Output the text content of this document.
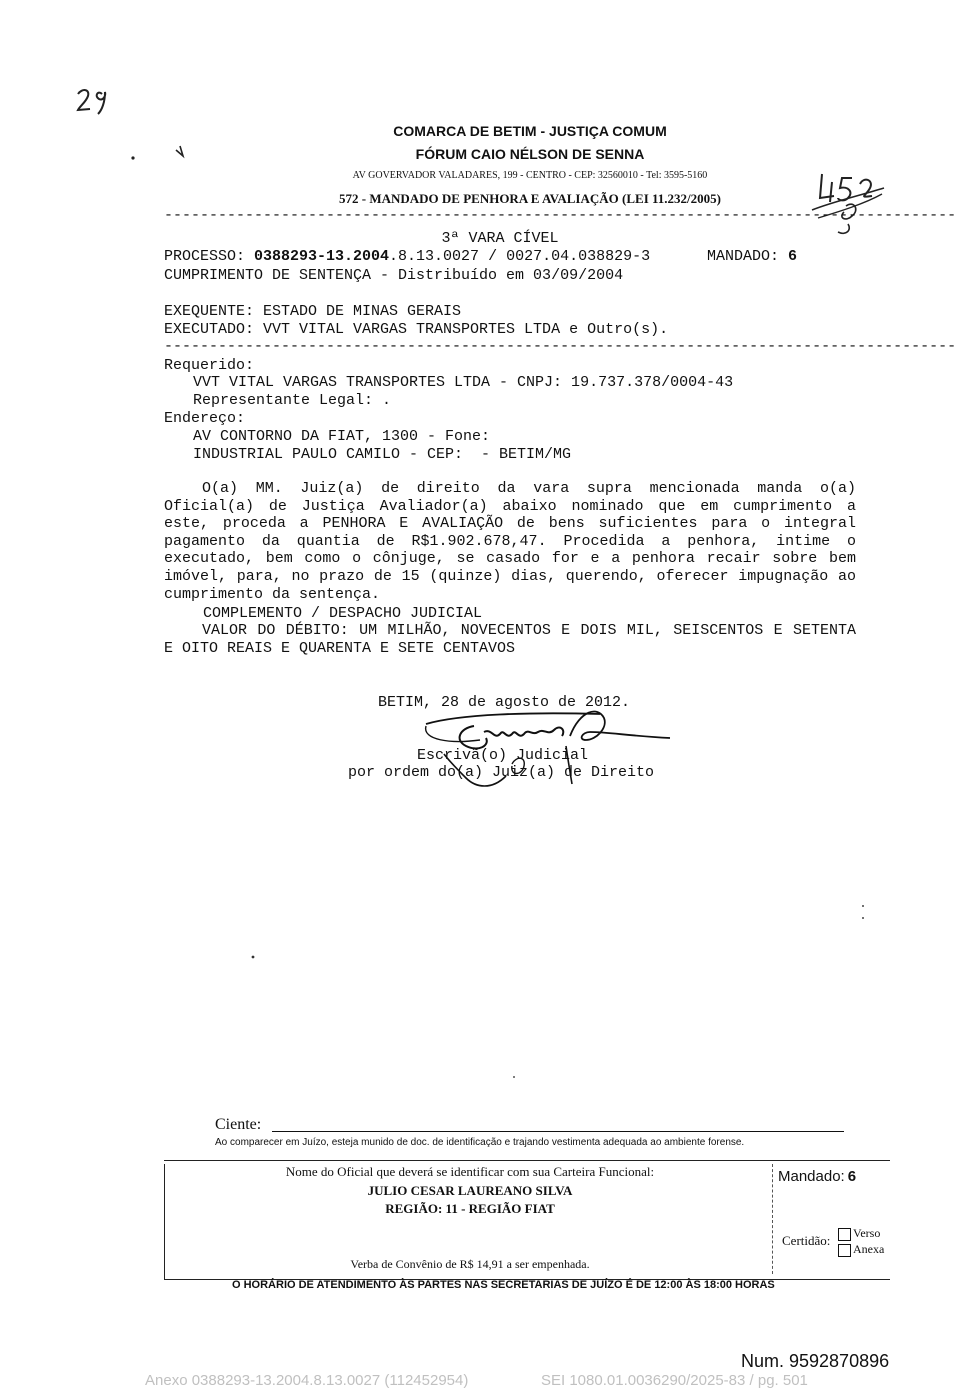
COMARCA DE BETIM - JUSTIÇA COMUM
FÓRUM CAIO NÉLSON DE SENNA
AV GOVERVADOR VALADARES, 199 - CENTRO - CEP: 32560010 - Tel: 3595-5160
572 - MANDADO DE PENHORA E AVALIAÇÃO (LEI 11.232/2005)
----------------------------------------------------------------------------------------
3ª VARA CÍVEL
PROCESSO: 0388293-13.2004.8.13.0027 / 0027.04.038829-3	MANDADO: 6
CUMPRIMENTO DE SENTENÇA - Distribuído em 03/09/2004
EXEQUENTE: ESTADO DE MINAS GERAIS
EXECUTADO: VVT VITAL VARGAS TRANSPORTES LTDA e Outro(s).
----------------------------------------------------------------------------------------
Requerido:
VVT VITAL VARGAS TRANSPORTES LTDA - CNPJ: 19.737.378/0004-43
Representante Legal: .
Endereço:
AV CONTORNO DA FIAT, 1300 - Fone:
INDUSTRIAL PAULO CAMILO - CEP:  - BETIM/MG
O(a) MM. Juiz(a) de direito da vara supra mencionada manda o(a) Oficial(a) de Justiça Avaliador(a) abaixo nominado que em cumprimento a este, proceda a PENHORA E AVALIAÇÃO de bens suficientes para o integral pagamento da quantia de R$1.902.678,47. Procedida a penhora, intime o executado, bem como o cônjuge, se casado for e a penhora recair sobre bem imóvel, para, no prazo de 15 (quinze) dias, querendo, oferecer impugnação ao cumprimento da sentença.
COMPLEMENTO / DESPACHO JUDICIAL
VALOR DO DÉBITO: UM MILHÃO, NOVECENTOS E DOIS MIL, SEISCENTOS E SETENTA E OITO REAIS E QUARENTA E SETE CENTAVOS
BETIM, 28 de agosto de 2012.
Escrivã(o) Judicial
por ordem do(a) Juiz(a) de Direito
Ciente:
Ao comparecer em Juízo, esteja munido de doc. de identificação e trajando vestimenta adequada ao ambiente forense.
Nome do Oficial que deverá se identificar com sua Carteira Funcional:
JULIO CESAR LAUREANO SILVA
REGIÃO: 11 - REGIÃO FIAT
Verba de Convênio de R$ 14,91 a ser empenhada.
Mandado: 6
Certidão:	Verso
Anexa
O HORÁRIO DE ATENDIMENTO ÀS PARTES NAS SECRETARIAS DE JUÍZO É DE 12:00 ÀS 18:00 HORAS
Num. 9592870896
Anexo 0388293-13.2004.8.13.0027 (112452954)	SEI 1080.01.0036290/2025-83 / pg. 501
